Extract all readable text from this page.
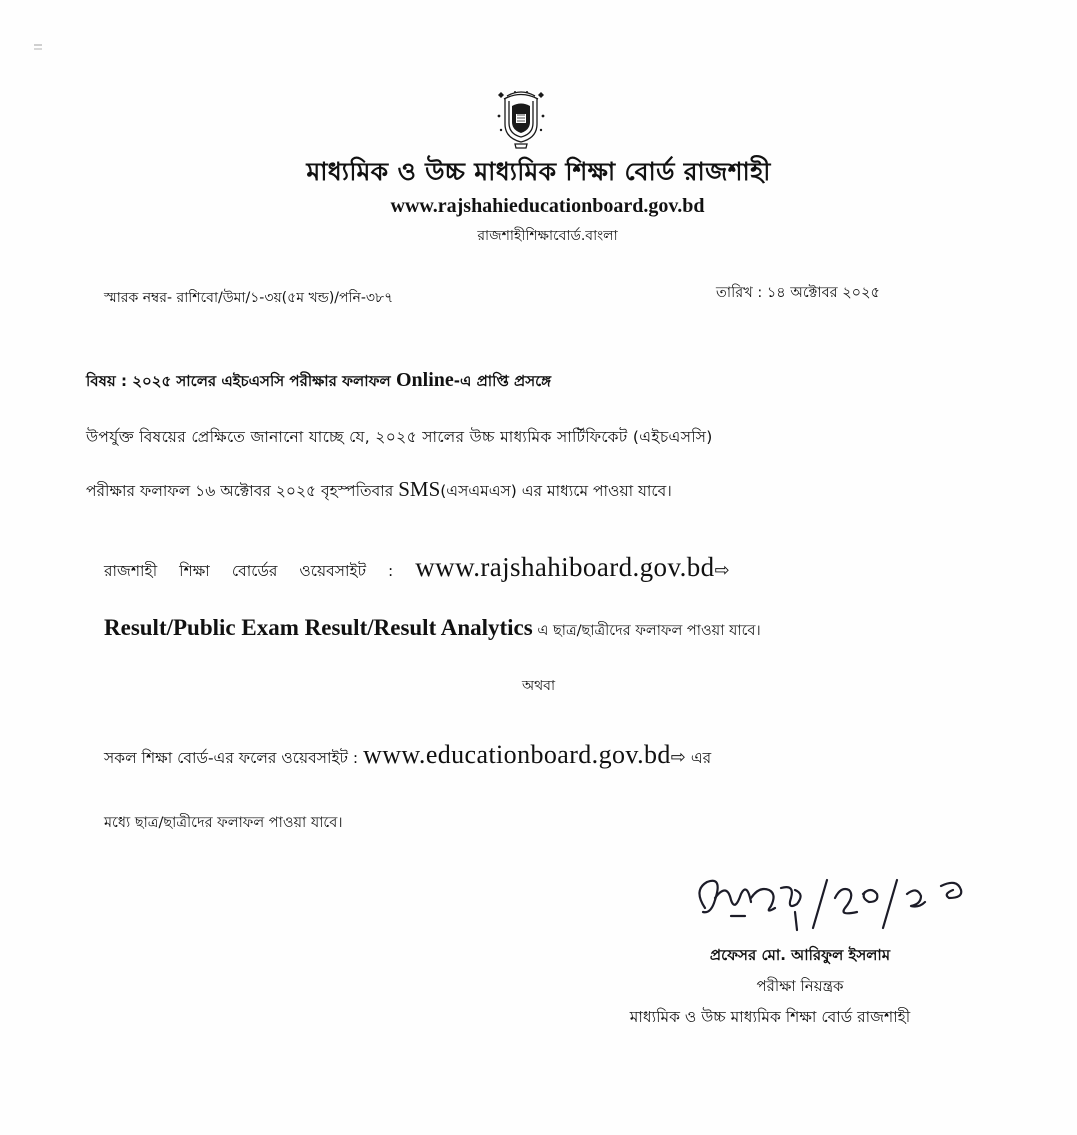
মাধ্যমিক ও উচ্চ মাধ্যমিক শিক্ষা বোর্ড রাজশাহী
www.rajshahieducationboard.gov.bd
রাজশাহীশিক্ষাবোর্ড.বাংলা
স্মারক নম্বর- রাশিবো/উমা/১-৩য়(৫ম খন্ড)/পনি-৩৮৭	তারিখ : ১৪ অক্টোবর ২০২৫
বিষয় : ২০২৫ সালের এইচএসসি পরীক্ষার ফলাফল Online-এ প্রাপ্তি প্রসঙ্গে
উপর্যুক্ত বিষয়ের প্রেক্ষিতে জানানো যাচ্ছে যে, ২০২৫ সালের উচ্চ মাধ্যমিক সার্টিফিকেট (এইচএসসি)
পরীক্ষার ফলাফল ১৬ অক্টোবর ২০২৫ বৃহস্পতিবার SMS(এসএমএস) এর মাধ্যমে পাওয়া যাবে।
রাজশাহী শিক্ষা বোর্ডের ওয়েবসাইট : www.rajshahiboard.gov.bd⇨
Result/Public Exam Result/Result Analytics এ ছাত্র/ছাত্রীদের ফলাফল পাওয়া যাবে।
অথবা
সকল শিক্ষা বোর্ড-এর ফলের ওয়েবসাইট : www.educationboard.gov.bd⇨ এর
মধ্যে ছাত্র/ছাত্রীদের ফলাফল পাওয়া যাবে।
প্রফেসর মো. আরিফুল ইসলাম
পরীক্ষা নিয়ন্ত্রক
মাধ্যমিক ও উচ্চ মাধ্যমিক শিক্ষা বোর্ড রাজশাহী
